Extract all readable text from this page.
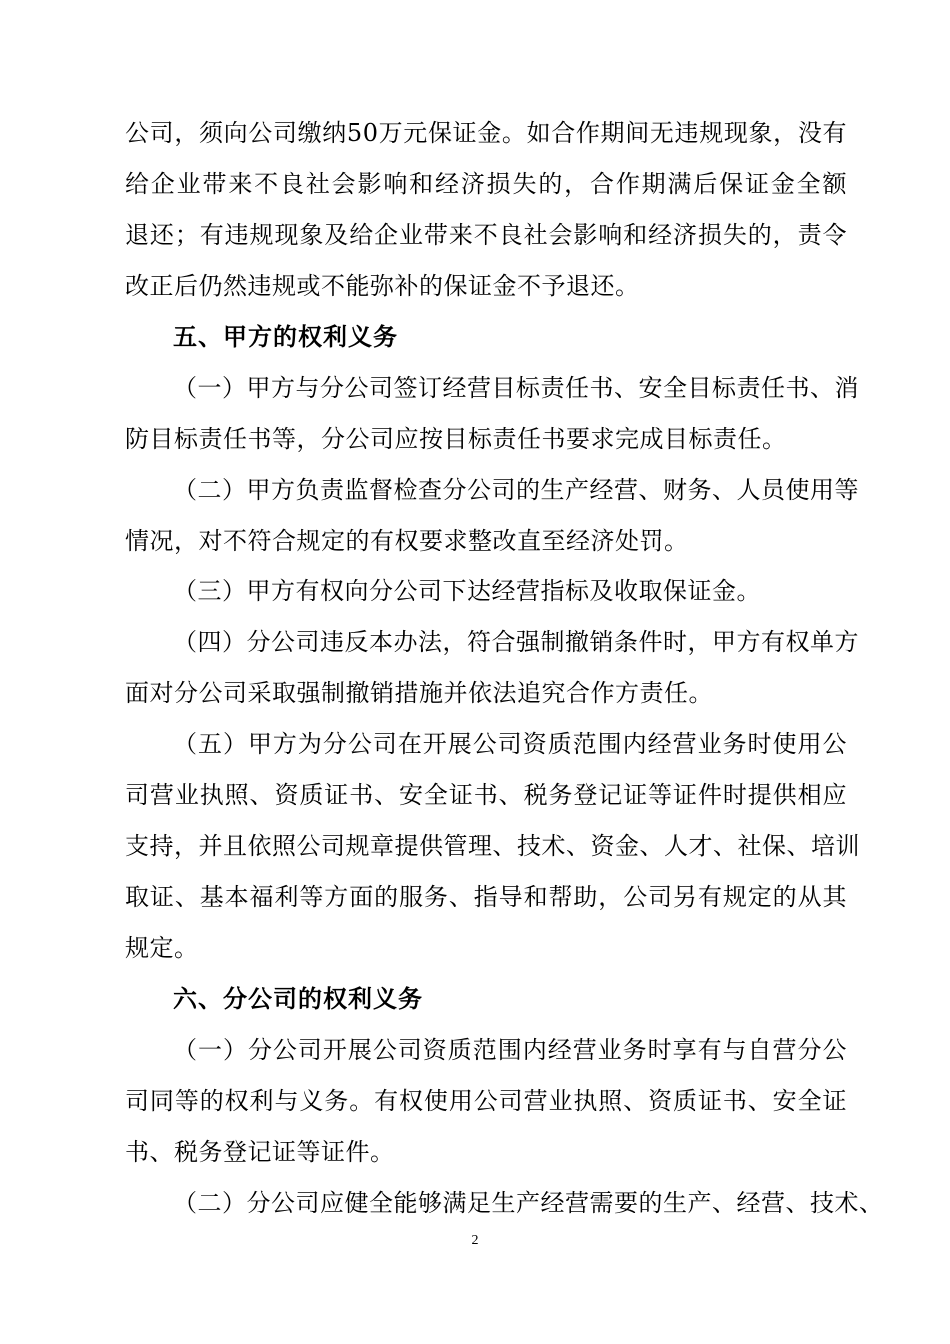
公司，须向公司缴纳50万元保证金。如合作期间无违规现象，没有
给企业带来不良社会影响和经济损失的，合作期满后保证金全额
退还；有违规现象及给企业带来不良社会影响和经济损失的，责令
改正后仍然违规或不能弥补的保证金不予退还。
五、甲方的权利义务
（一）甲方与分公司签订经营目标责任书、安全目标责任书、消
防目标责任书等，分公司应按目标责任书要求完成目标责任。
（二）甲方负责监督检查分公司的生产经营、财务、人员使用等
情况，对不符合规定的有权要求整改直至经济处罚。
（三）甲方有权向分公司下达经营指标及收取保证金。
（四）分公司违反本办法，符合强制撤销条件时，甲方有权单方
面对分公司采取强制撤销措施并依法追究合作方责任。
（五）甲方为分公司在开展公司资质范围内经营业务时使用公
司营业执照、资质证书、安全证书、税务登记证等证件时提供相应
支持，并且依照公司规章提供管理、技术、资金、人才、社保、培训
取证、基本福利等方面的服务、指导和帮助，公司另有规定的从其
规定。
六、分公司的权利义务
（一）分公司开展公司资质范围内经营业务时享有与自营分公
司同等的权利与义务。有权使用公司营业执照、资质证书、安全证
书、税务登记证等证件。
（二）分公司应健全能够满足生产经营需要的生产、经营、技术、
2
